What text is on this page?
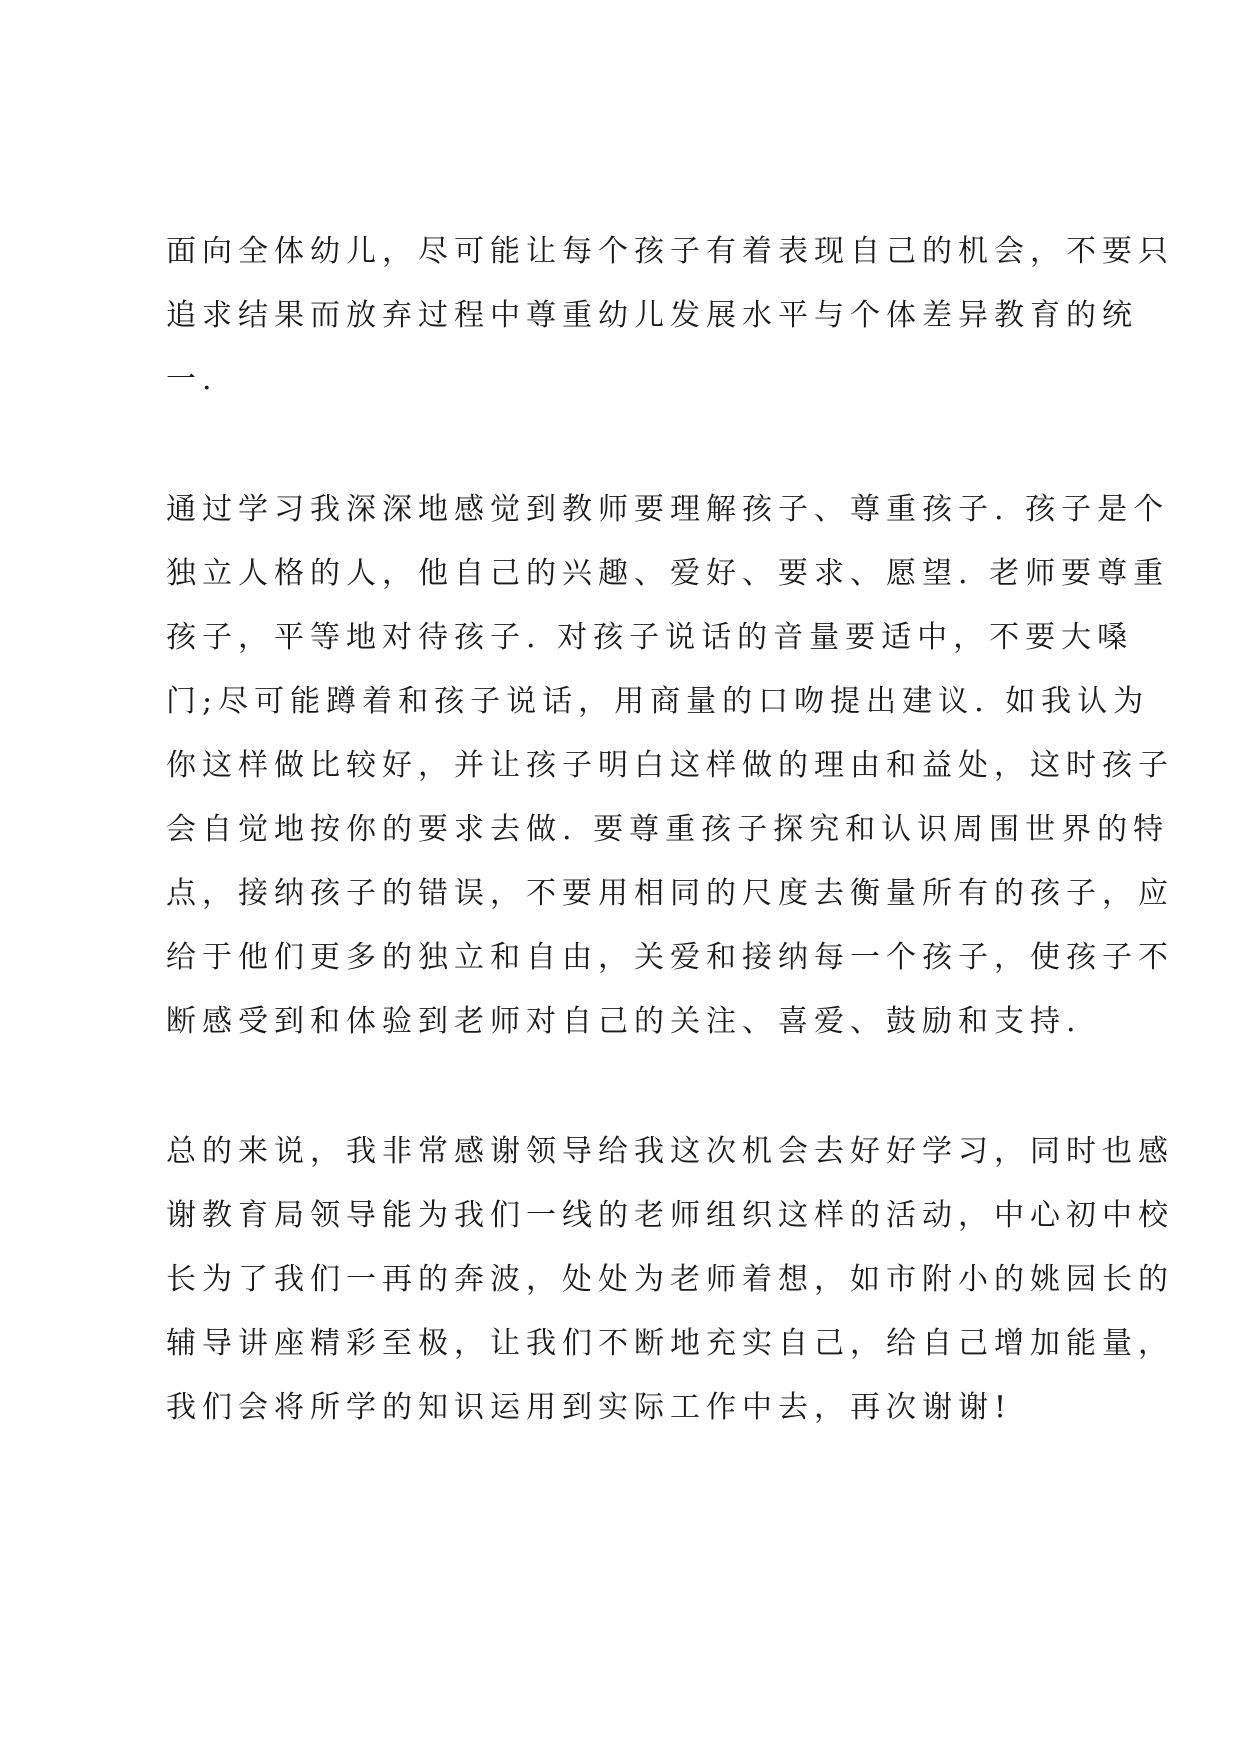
面向全体幼儿，尽可能让每个孩子有着表现自己的机会，不要只
追求结果而放弃过程中尊重幼儿发展水平与个体差异教育的统
一.
通过学习我深深地感觉到教师要理解孩子、尊重孩子. 孩子是个
独立人格的人，他自己的兴趣、爱好、要求、愿望. 老师要尊重
孩子，平等地对待孩子. 对孩子说话的音量要适中，不要大嗓
门;尽可能蹲着和孩子说话，用商量的口吻提出建议. 如我认为
你这样做比较好，并让孩子明白这样做的理由和益处，这时孩子
会自觉地按你的要求去做. 要尊重孩子探究和认识周围世界的特
点，接纳孩子的错误，不要用相同的尺度去衡量所有的孩子，应
给于他们更多的独立和自由，关爱和接纳每一个孩子，使孩子不
断感受到和体验到老师对自己的关注、喜爱、鼓励和支持.
总的来说，我非常感谢领导给我这次机会去好好学习，同时也感
谢教育局领导能为我们一线的老师组织这样的活动，中心初中校
长为了我们一再的奔波，处处为老师着想，如市附小的姚园长的
辅导讲座精彩至极，让我们不断地充实自己，给自己增加能量，
我们会将所学的知识运用到实际工作中去，再次谢谢!
